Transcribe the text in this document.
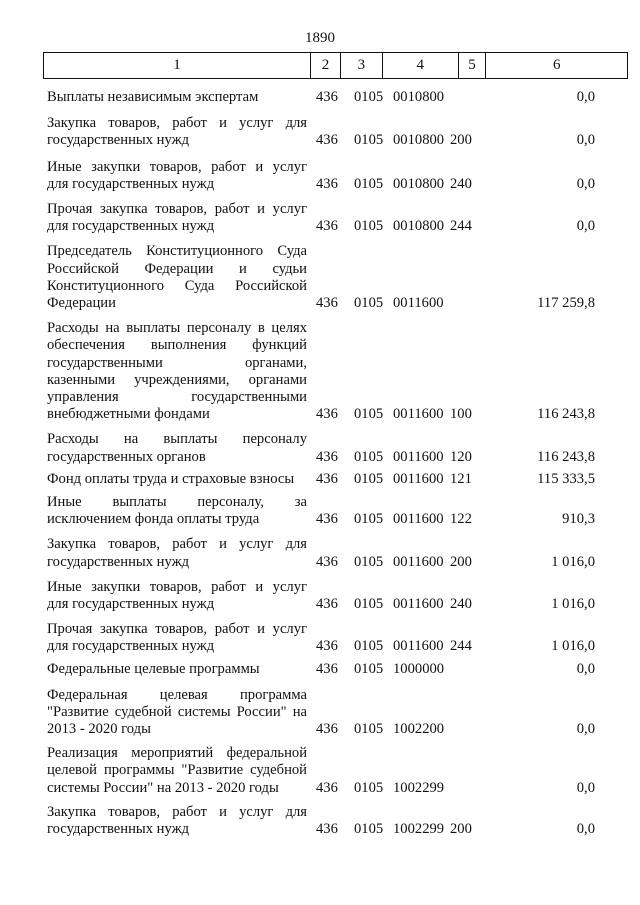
1890
1	2	3	4	5	6
Выплаты независимым экспертам	436 0105 0010800	0,0
Закупка товаров, работ и услуг для
государственных нужд	436 0105 0010800 200	0,0
Иные закупки товаров, работ и услуг
для государственных нужд	436 0105 0010800 240	0,0
Прочая закупка товаров, работ и услуг
для государственных нужд	436 0105 0010800 244	0,0
Председатель Конституционного Суда
Российской Федерации и судьи
Конституционного Суда Российской
Федерации	436 0105 0011600	117 259,8
Расходы на выплаты персоналу в целях
обеспечения выполнения функций
государственными органами,
казенными учреждениями, органами
управления государственными
внебюджетными фондами	436 0105 0011600 100	116 243,8
Расходы на выплаты персоналу
государственных органов	436 0105 0011600 120	116 243,8
Фонд оплаты труда и страховые взносы	436 0105 0011600 121	115 333,5
Иные выплаты персоналу, за
исключением фонда оплаты труда	436 0105 0011600 122	910,3
Закупка товаров, работ и услуг для
государственных нужд	436 0105 0011600 200	1 016,0
Иные закупки товаров, работ и услуг
для государственных нужд	436 0105 0011600 240	1 016,0
Прочая закупка товаров, работ и услуг
для государственных нужд	436 0105 0011600 244	1 016,0
Федеральные целевые программы	436 0105 1000000	0,0
Федеральная целевая программа
"Развитие судебной системы России" на
2013 - 2020 годы	436 0105 1002200	0,0
Реализация мероприятий федеральной
целевой программы "Развитие судебной
системы России" на 2013 - 2020 годы	436 0105 1002299	0,0
Закупка товаров, работ и услуг для
государственных нужд	436 0105 1002299 200	0,0
